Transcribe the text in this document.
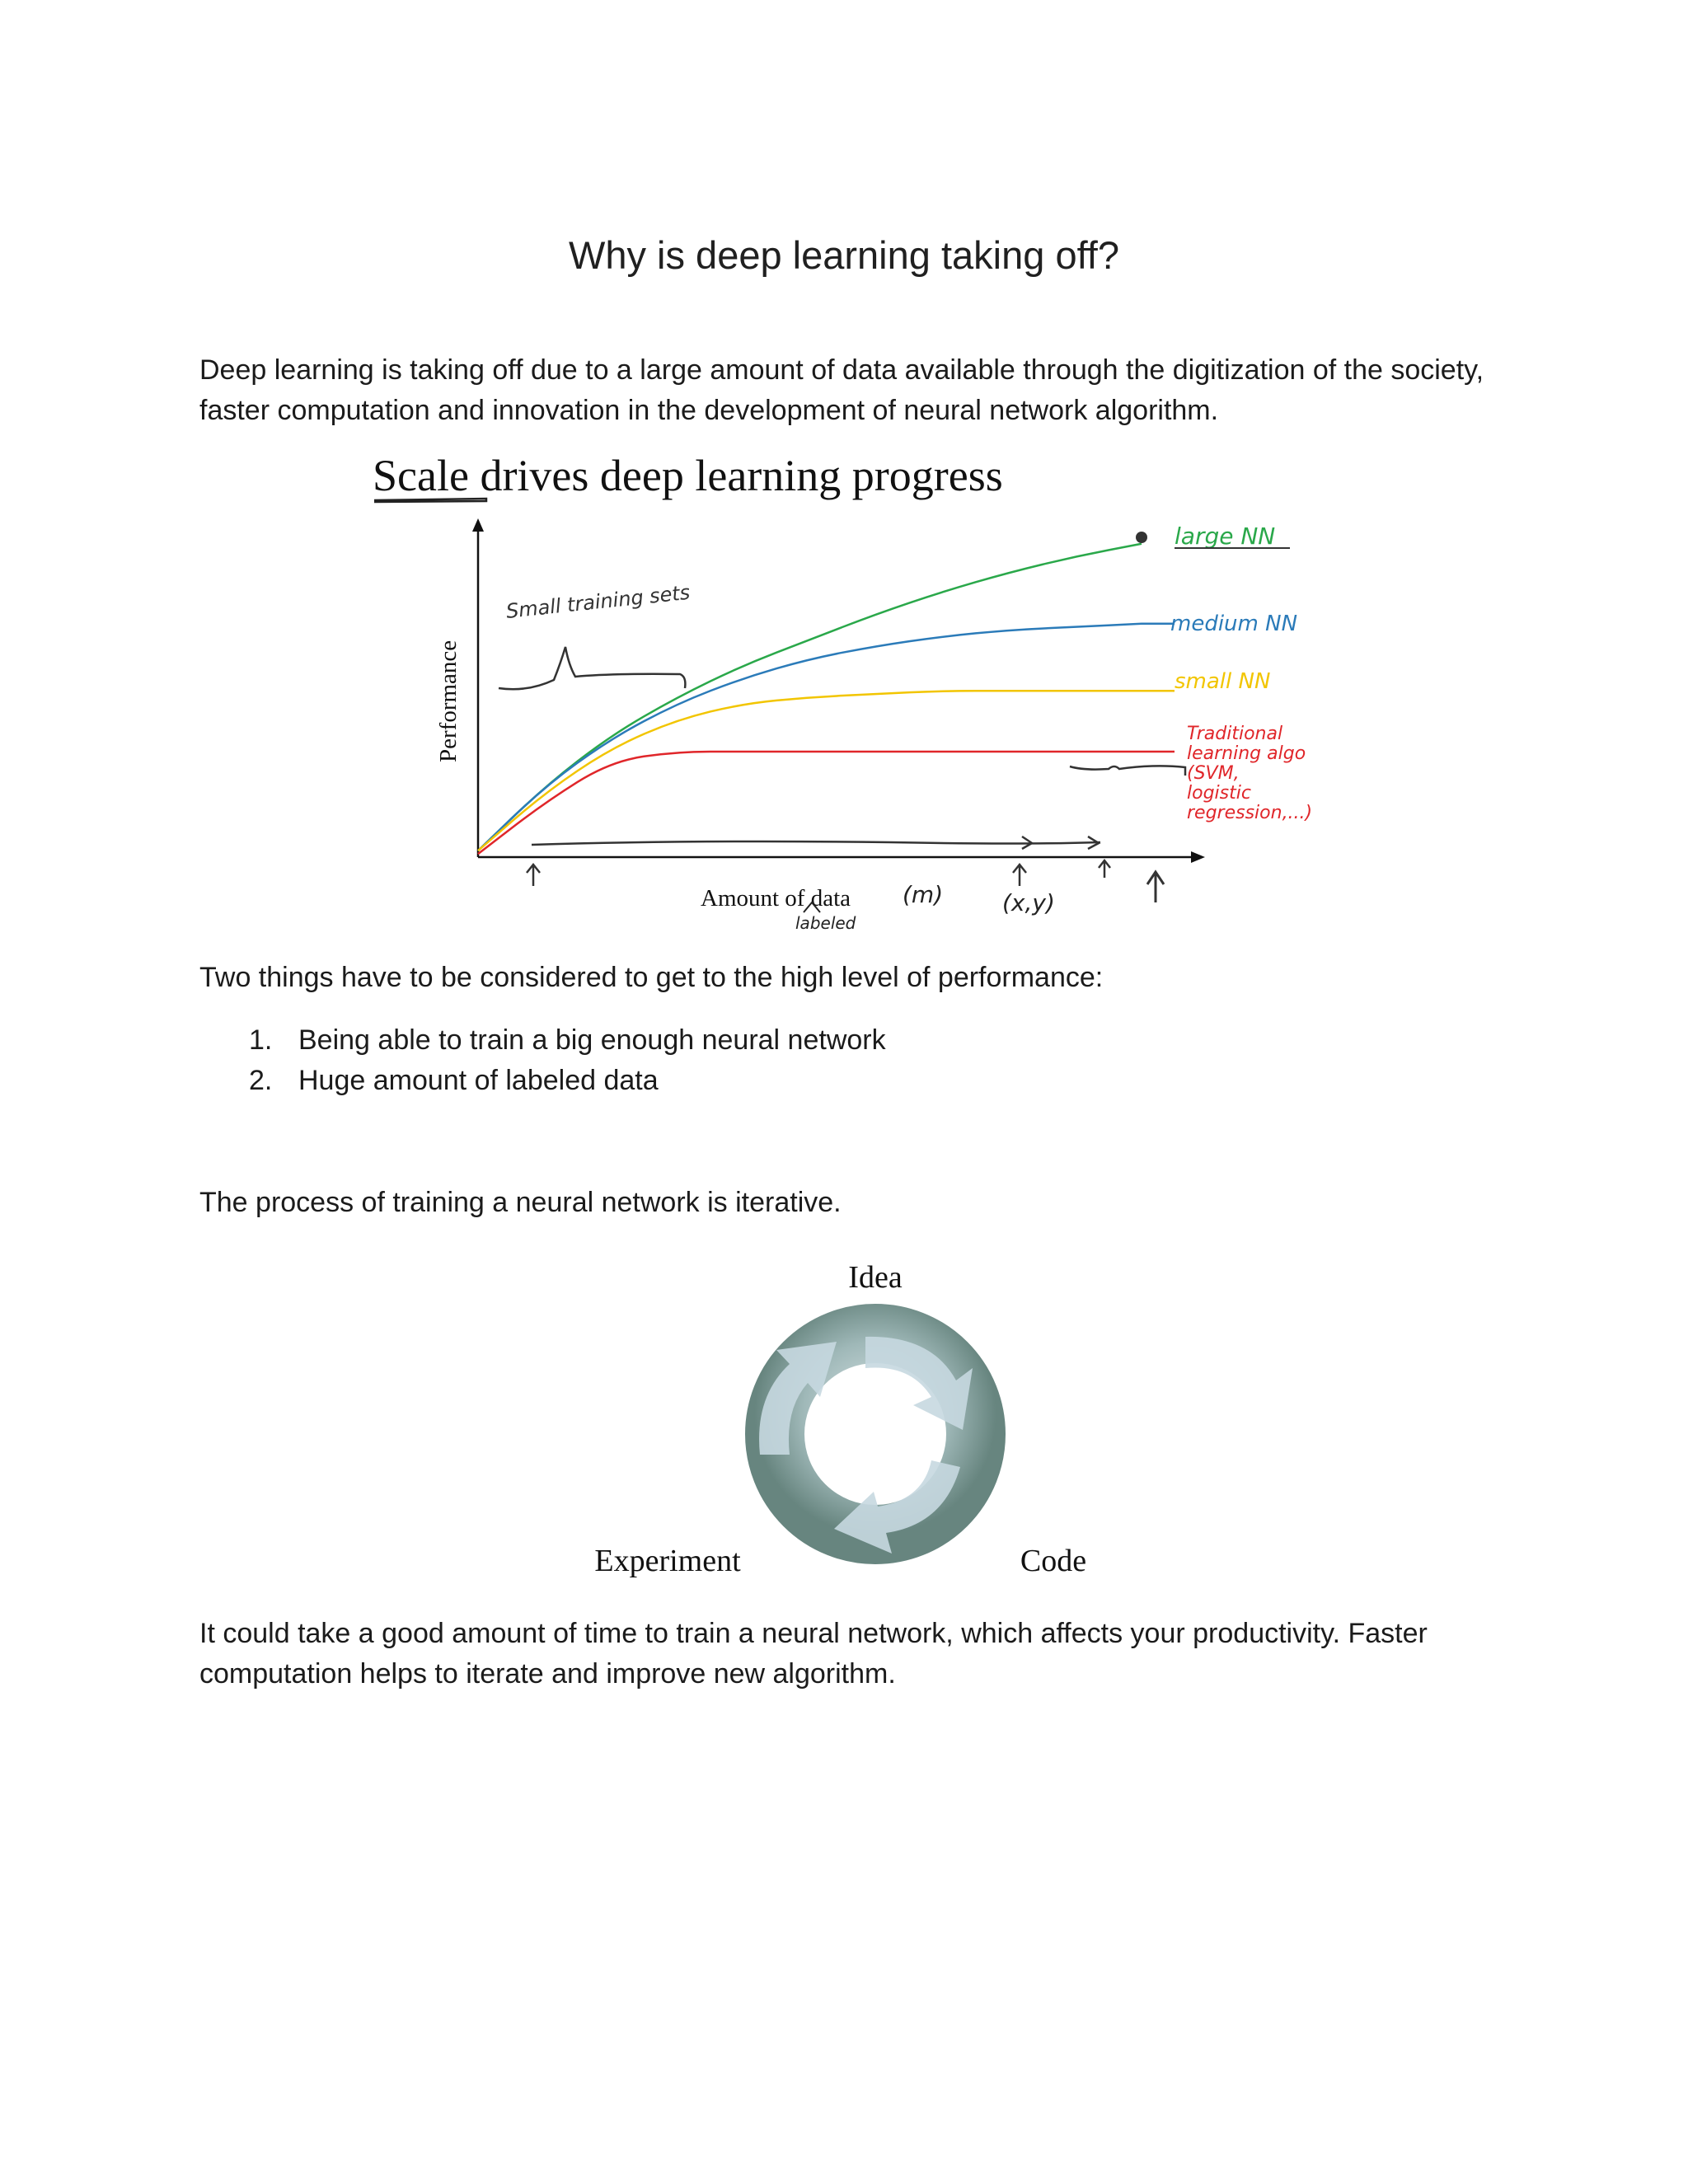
Why is deep learning taking off?

Deep learning is taking off due to a large amount of data available through the digitization of the society, faster computation and innovation in the development of neural network algorithm.

Scale drives deep learning progress
Performance
large NN
medium NN
small NN
Traditional learning algo (SVM, logistic regression,...)
Small training sets
Amount of data (m)
labeled
(x,y)

Two things have to be considered to get to the high level of performance:

1. Being able to train a big enough neural network
2. Huge amount of labeled data

The process of training a neural network is iterative.

Idea
Experiment	Code

It could take a good amount of time to train a neural network, which affects your productivity. Faster computation helps to iterate and improve new algorithm.
